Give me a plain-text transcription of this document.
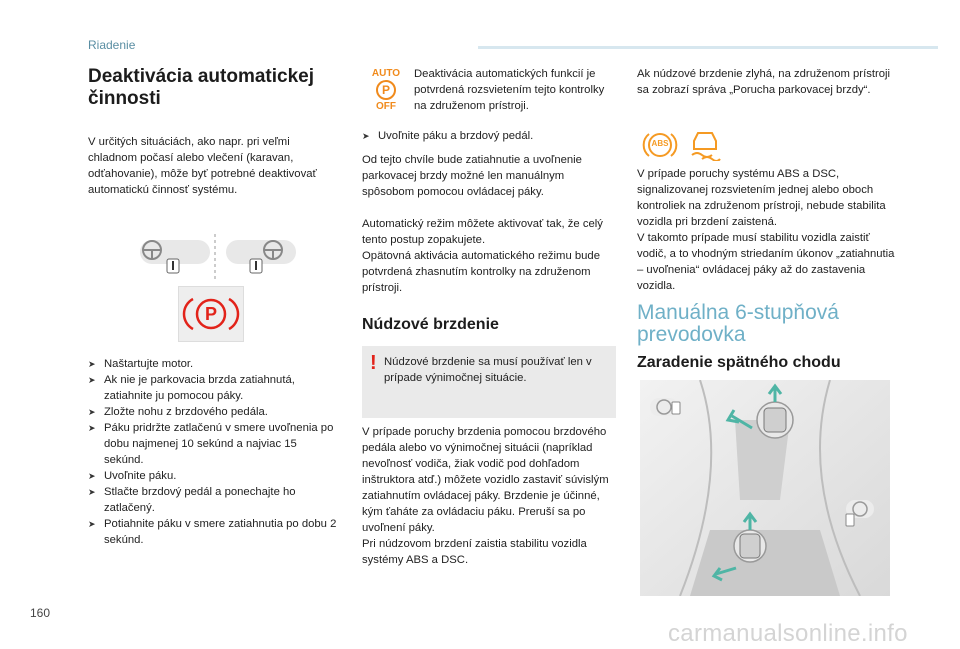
Riadenie
Deaktivácia automatickej činnosti

V určitých situáciách, ako napr. pri veľmi chladnom počasí alebo vlečení (karavan, odťahovanie), môže byť potrebné deaktivovať automatickú činnosť systému.

P
➤ Naštartujte motor.
➤ Ak nie je parkovacia brzda zatiahnutá, zatiahnite ju pomocou páky.
➤ Zložte nohu z brzdového pedála.
➤ Páku pridržte zatlačenú v smere uvoľnenia po dobu najmenej 10 sekúnd a najviac 15 sekúnd.
➤ Uvoľnite páku.
➤ Stlačte brzdový pedál a ponechajte ho zatlačený.
➤ Potiahnite páku v smere zatiahnutia po dobu 2 sekúnd.
AUTO
P
OFF

Deaktivácia automatických funkcií je potvrdená rozsvietením tejto kontrolky na združenom prístroji.

➤ Uvoľnite páku a brzdový pedál.

Od tejto chvíle bude zatiahnutie a uvoľnenie parkovacej brzdy možné len manuálnym spôsobom pomocou ovládacej páky.

Automatický režim môžete aktivovať tak, že celý tento postup zopakujete.

Opätovná aktivácia automatického režimu bude potvrdená zhasnutím kontrolky na združenom prístroji.

Núdzové brzdenie
! Núdzové brzdenie sa musí používať len v prípade výnimočnej situácie.

V prípade poruchy brzdenia pomocou brzdového pedála alebo vo výnimočnej situácii (napríklad nevoľnosť vodiča, žiak vodič pod dohľadom inštruktora atď.) môžete vozidlo zastaviť súvislým zatiahnutím ovládacej páky. Brzdenie je účinné, kým ťaháte za ovládaciu páku. Preruší sa po uvoľnení páky.

Pri núdzovom brzdení zaistia stabilitu vozidla systémy ABS a DSC.

Ak núdzové brzdenie zlyhá, na združenom prístroji sa zobrazí správa „Porucha parkovacej brzdy“.

ABS

V prípade poruchy systému ABS a DSC, signalizovanej rozsvietením jednej alebo oboch kontroliek na združenom prístroji, nebude stabilita vozidla pri brzdení zaistená.

V takomto prípade musí stabilitu vozidla zaistiť vodič, a to vhodným striedaním úkonov „zatiahnutia – uvoľnenia“ ovládacej páky až do zastavenia vozidla.

Manuálna 6-stupňová prevodovka
Zaradenie spätného chodu
160
carmanualsonline.info
